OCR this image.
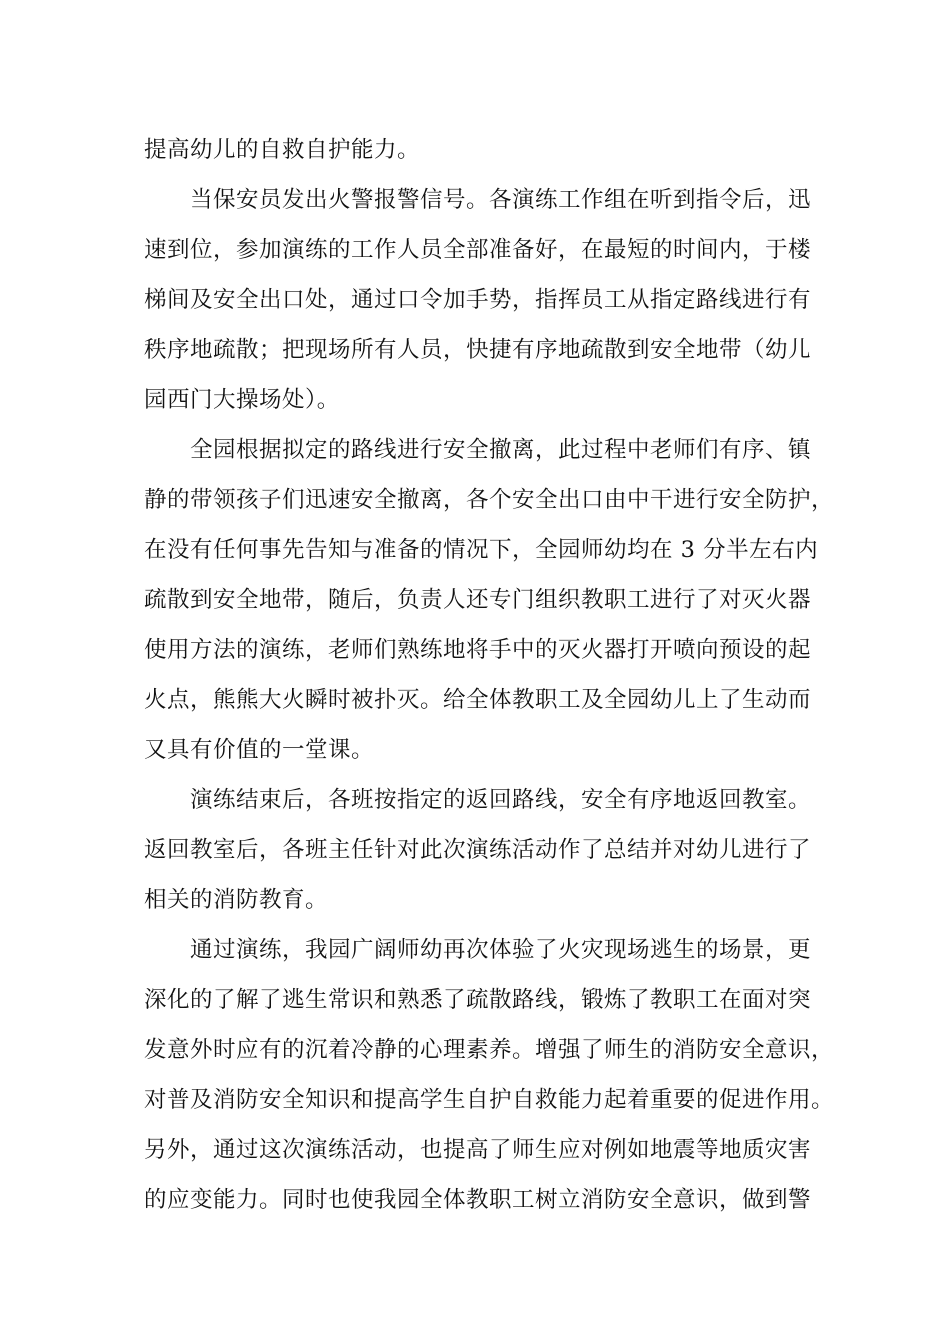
提高幼儿的自救自护能力。
当保安员发出火警报警信号。各演练工作组在听到指令后，迅
速到位，参加演练的工作人员全部准备好，在最短的时间内，于楼
梯间及安全出口处，通过口令加手势，指挥员工从指定路线进行有
秩序地疏散；把现场所有人员，快捷有序地疏散到安全地带（幼儿
园西门大操场处）。
全园根据拟定的路线进行安全撤离，此过程中老师们有序、镇
静的带领孩子们迅速安全撤离，各个安全出口由中干进行安全防护，
在没有任何事先告知与准备的情况下，全园师幼均在 3 分半左右内
疏散到安全地带，随后，负责人还专门组织教职工进行了对灭火器
使用方法的演练，老师们熟练地将手中的灭火器打开喷向预设的起
火点，熊熊大火瞬时被扑灭。给全体教职工及全园幼儿上了生动而
又具有价值的一堂课。
演练结束后，各班按指定的返回路线，安全有序地返回教室。
返回教室后，各班主任针对此次演练活动作了总结并对幼儿进行了
相关的消防教育。
通过演练，我园广阔师幼再次体验了火灾现场逃生的场景，更
深化的了解了逃生常识和熟悉了疏散路线，锻炼了教职工在面对突
发意外时应有的沉着冷静的心理素养。增强了师生的消防安全意识，
对普及消防安全知识和提高学生自护自救能力起着重要的促进作用。
另外，通过这次演练活动，也提高了师生应对例如地震等地质灾害
的应变能力。同时也使我园全体教职工树立消防安全意识，做到警
